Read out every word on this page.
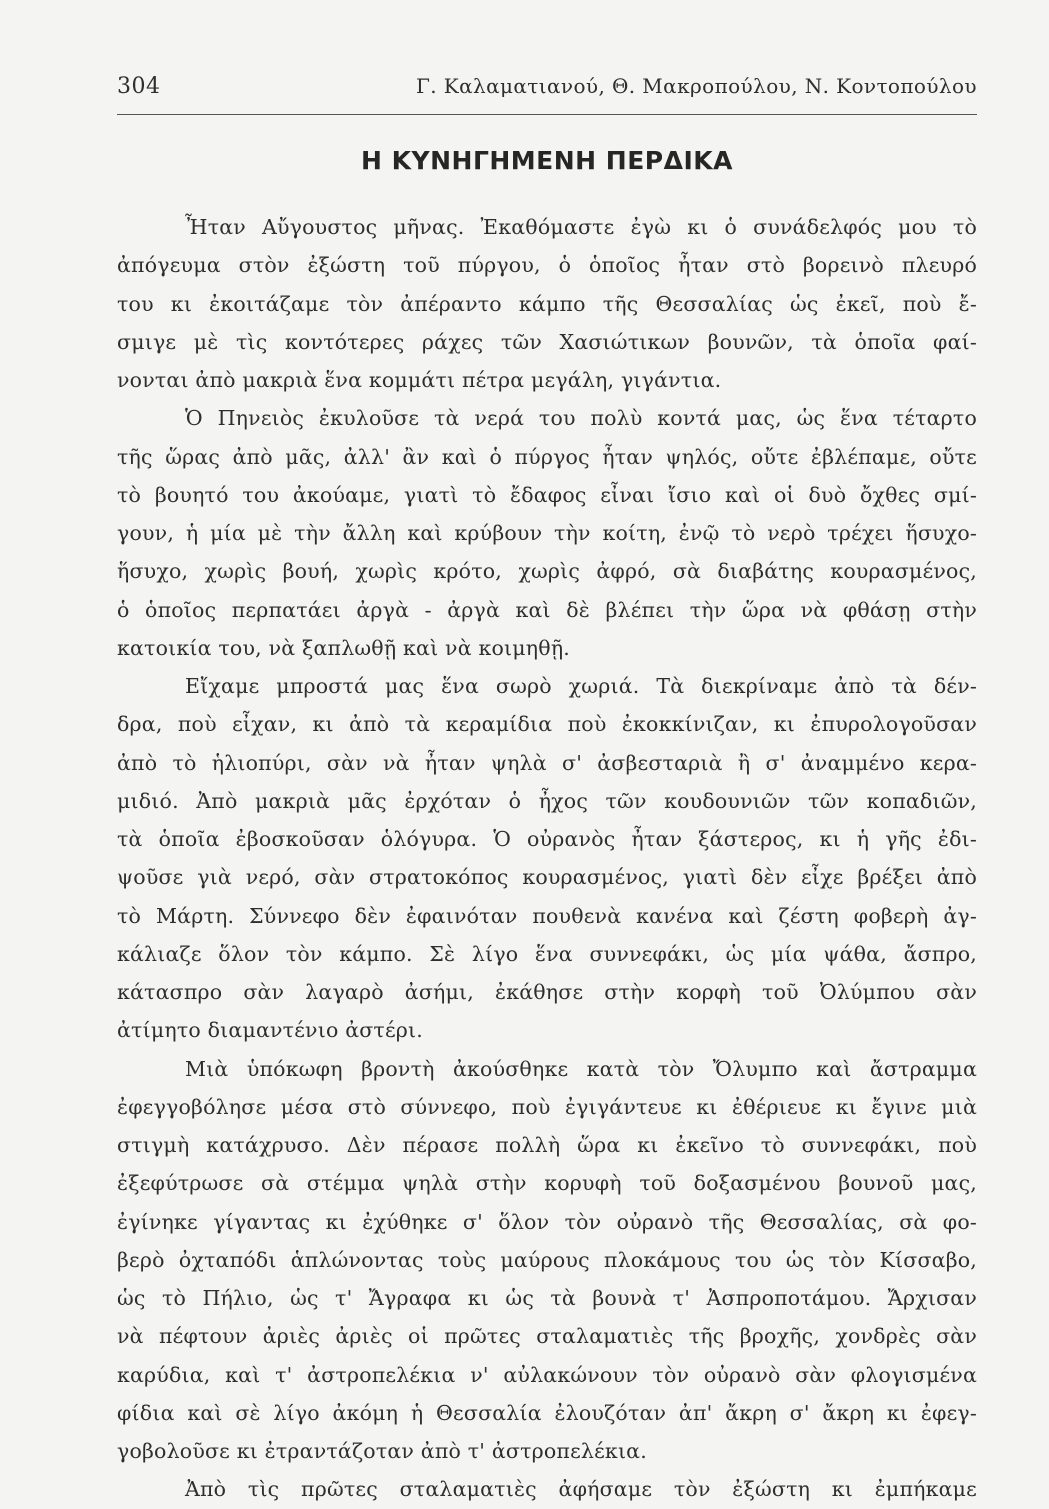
304	Γ. Καλαματιανού, Θ. Μακροπούλου, Ν. Κοντοπούλου
Η ΚΥΝΗΓΗΜΕΝΗ ΠΕΡΔΙΚΑ
Ἦταν Αὔγουστος μῆνας. Ἐκαθόμαστε ἐγὼ κι ὁ συνάδελφός μου τὸ
ἀπόγευμα στὸν ἐξώστη τοῦ πύργου, ὁ ὁποῖος ἦταν στὸ βορεινὸ πλευρό
του κι ἐκοιτάζαμε τὸν ἀπέραντο κάμπο τῆς Θεσσαλίας ὡς ἐκεῖ, ποὺ ἔ-
σμιγε μὲ τὶς κοντότερες ράχες τῶν Χασιώτικων βουνῶν, τὰ ὁποῖα φαί-
νονται ἀπὸ μακριὰ ἕνα κομμάτι πέτρα μεγάλη, γιγάντια.
Ὁ Πηνειὸς ἐκυλοῦσε τὰ νερά του πολὺ κοντά μας, ὡς ἕνα τέταρτο
τῆς ὥρας ἀπὸ μᾶς, ἀλλ' ἂν καὶ ὁ πύργος ἦταν ψηλός, οὔτε ἐβλέπαμε, οὔτε
τὸ βουητό του ἀκούαμε, γιατὶ τὸ ἔδαφος εἶναι ἴσιο καὶ οἱ δυὸ ὄχθες σμί-
γουν, ἡ μία μὲ τὴν ἄλλη καὶ κρύβουν τὴν κοίτη, ἐνῷ τὸ νερὸ τρέχει ἥσυχο-
ἥσυχο, χωρὶς βουή, χωρὶς κρότο, χωρὶς ἀφρό, σὰ διαβάτης κουρασμένος,
ὁ ὁποῖος περπατάει ἀργὰ - ἀργὰ καὶ δὲ βλέπει τὴν ὥρα νὰ φθάσῃ στὴν
κατοικία του, νὰ ξαπλωθῇ καὶ νὰ κοιμηθῇ.
Εἴχαμε μπροστά μας ἕνα σωρὸ χωριά. Τὰ διεκρίναμε ἀπὸ τὰ δέν-
δρα, ποὺ εἶχαν, κι ἀπὸ τὰ κεραμίδια ποὺ ἐκοκκίνιζαν, κι ἐπυρολογοῦσαν
ἀπὸ τὸ ἡλιοπύρι, σὰν νὰ ἦταν ψηλὰ σ' ἀσβεσταριὰ ἢ σ' ἀναμμένο κερα-
μιδιό. Ἀπὸ μακριὰ μᾶς ἐρχόταν ὁ ἦχος τῶν κουδουνιῶν τῶν κοπαδιῶν,
τὰ ὁποῖα ἐβοσκοῦσαν ὁλόγυρα. Ὁ οὐρανὸς ἦταν ξάστερος, κι ἡ γῆς ἐδι-
ψοῦσε γιὰ νερό, σὰν στρατοκόπος κουρασμένος, γιατὶ δὲν εἶχε βρέξει ἀπὸ
τὸ Μάρτη. Σύννεφο δὲν ἐφαινόταν πουθενὰ κανένα καὶ ζέστη φοβερὴ ἀγ-
κάλιαζε ὅλον τὸν κάμπο. Σὲ λίγο ἕνα συννεφάκι, ὡς μία ψάθα, ἄσπρο,
κάτασπρο σὰν λαγαρὸ ἀσήμι, ἐκάθησε στὴν κορφὴ τοῦ Ὀλύμπου σὰν
ἀτίμητο διαμαντένιο ἀστέρι.
Μιὰ ὑπόκωφη βροντὴ ἀκούσθηκε κατὰ τὸν Ὄλυμπο καὶ ἄστραμμα
ἐφεγγοβόλησε μέσα στὸ σύννεφο, ποὺ ἐγιγάντευε κι ἐθέριευε κι ἔγινε μιὰ
στιγμὴ κατάχρυσο. Δὲν πέρασε πολλὴ ὥρα κι ἐκεῖνο τὸ συννεφάκι, ποὺ
ἐξεφύτρωσε σὰ στέμμα ψηλὰ στὴν κορυφὴ τοῦ δοξασμένου βουνοῦ μας,
ἐγίνηκε γίγαντας κι ἐχύθηκε σ' ὅλον τὸν οὐρανὸ τῆς Θεσσαλίας, σὰ φο-
βερὸ ὀχταπόδι ἁπλώνοντας τοὺς μαύρους πλοκάμους του ὡς τὸν Κίσσαβο,
ὡς τὸ Πήλιο, ὡς τ' Ἄγραφα κι ὡς τὰ βουνὰ τ' Ἀσπροποτάμου. Ἄρχισαν
νὰ πέφτουν ἀριὲς ἀριὲς οἱ πρῶτες σταλαματιὲς τῆς βροχῆς, χονδρὲς σὰν
καρύδια, καὶ τ' ἀστροπελέκια ν' αὐλακώνουν τὸν οὐρανὸ σὰν φλογισμένα
φίδια καὶ σὲ λίγο ἀκόμη ἡ Θεσσαλία ἐλουζόταν ἀπ' ἄκρη σ' ἄκρη κι ἐφεγ-
γοβολοῦσε κι ἐτραντάζοταν ἀπὸ τ' ἀστροπελέκια.
Ἀπὸ τὶς πρῶτες σταλαματιὲς ἀφήσαμε τὸν ἐξώστη κι ἐμπήκαμε
